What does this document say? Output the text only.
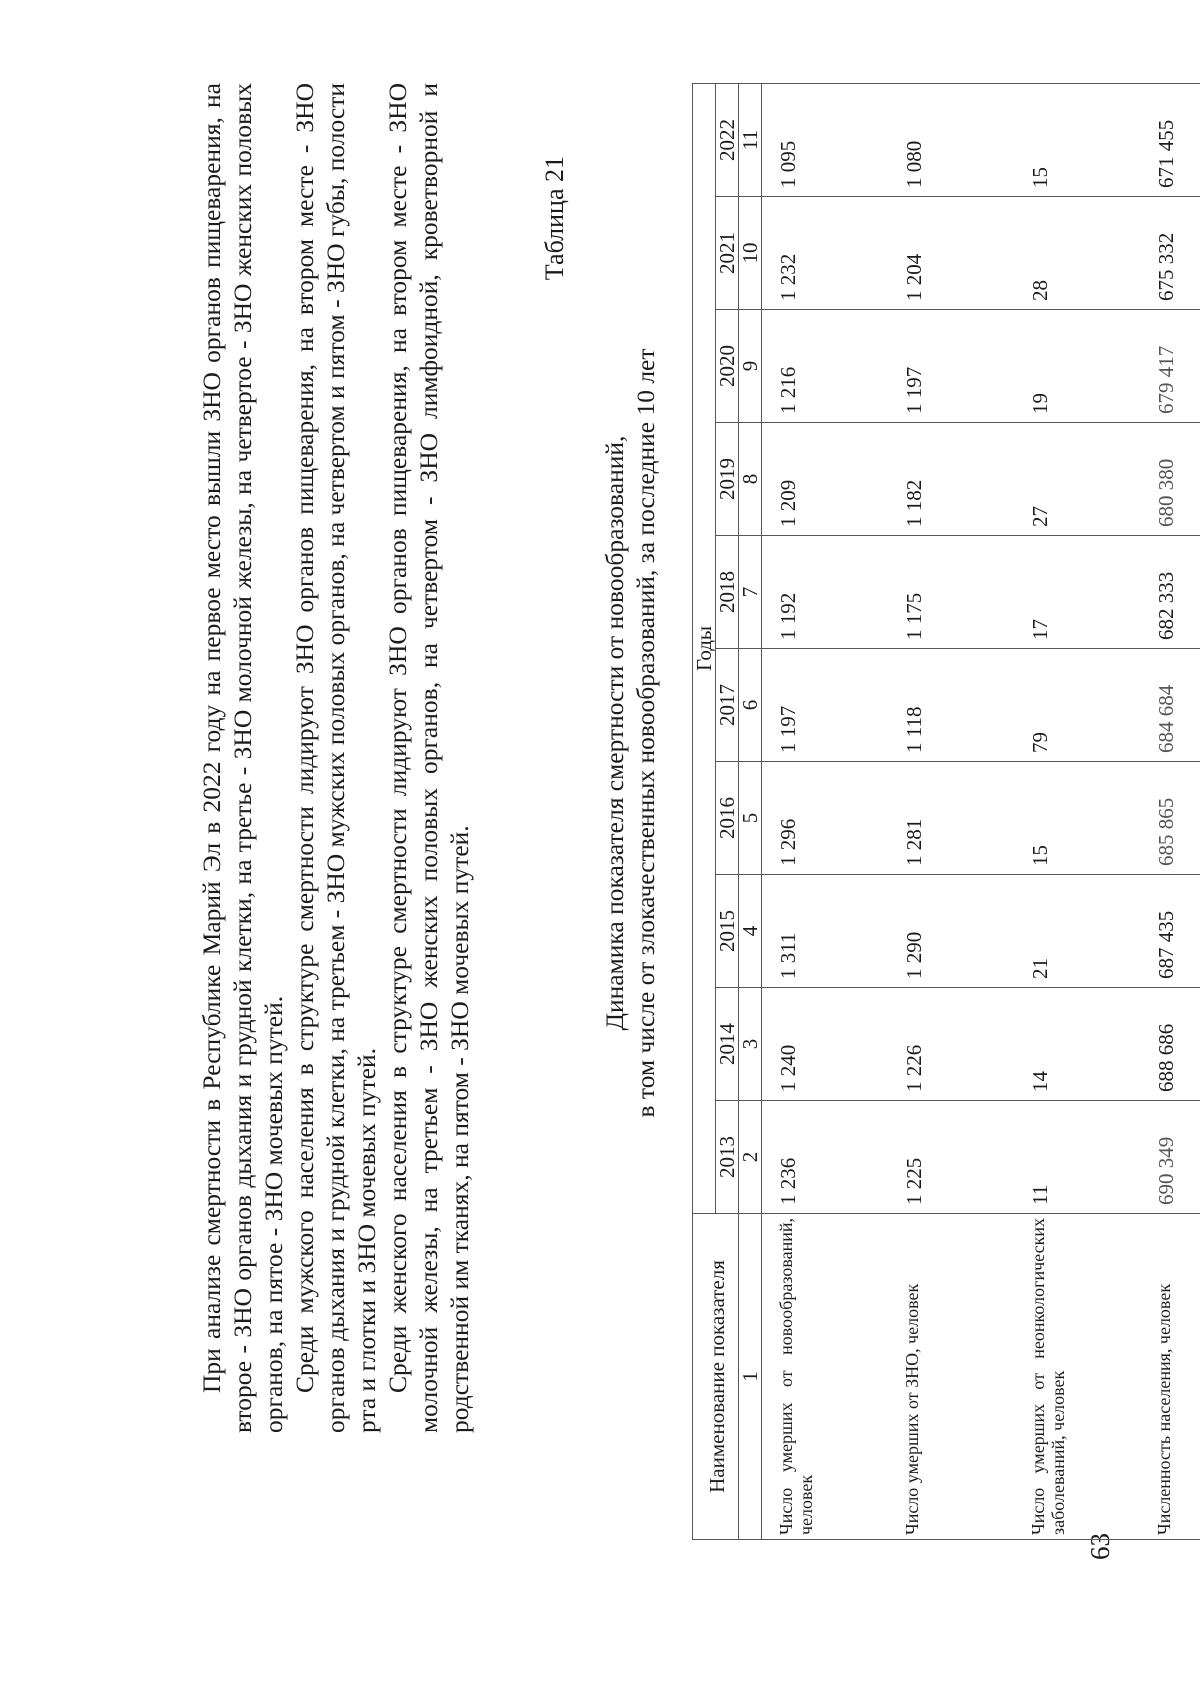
63

При анализе смертности в Республике Марий Эл в 2022 году на первое место вышли ЗНО органов пищеварения, на второе - ЗНО органов дыхания и грудной клетки, на третье - ЗНО молочной железы, на четвертое - ЗНО женских половых органов, на пятое - ЗНО мочевых путей. Среди мужского населения в структуре смертности лидируют ЗНО органов пищеварения, на втором месте - ЗНО органов дыхания и грудной клетки, на третьем - ЗНО мужских половых органов, на четвертом и пятом - ЗНО губы, полости рта и глотки и ЗНО мочевых путей. Среди женского населения в структуре смертности лидируют ЗНО органов пищеварения, на втором месте - ЗНО молочной железы, на третьем - ЗНО женских половых органов, на четвертом - ЗНО лимфоидной, кроветворной и родственной им тканях, на пятом - ЗНО мочевых путей.

Таблица 21
Динамика показателя смертности от новообразований, в том числе от злокачественных новообразований, за последние 10 лет
Наименование показателя	Годы									
	2013	2014	2015	2016	2017	2018	2019	2020	2021	2022
1	2	3	4	5	6	7	8	9	10	11
Число умерших от новообразований, человек	1 236	1 240	1 311	1 296	1 197	1 192	1 209	1 216	1 232	1 095
Число умерших от ЗНО, человек	1 225	1 226	1 290	1 281	1 118	1 175	1 182	1 197	1 204	1 080
Число умерших от неонкологических заболеваний, человек	11	14	21	15	79	17	27	19	28	15
Численность населения, человек	690 349	688 686	687 435	685 865	684 684	682 333	680 380	679 417	675 332	671 455
